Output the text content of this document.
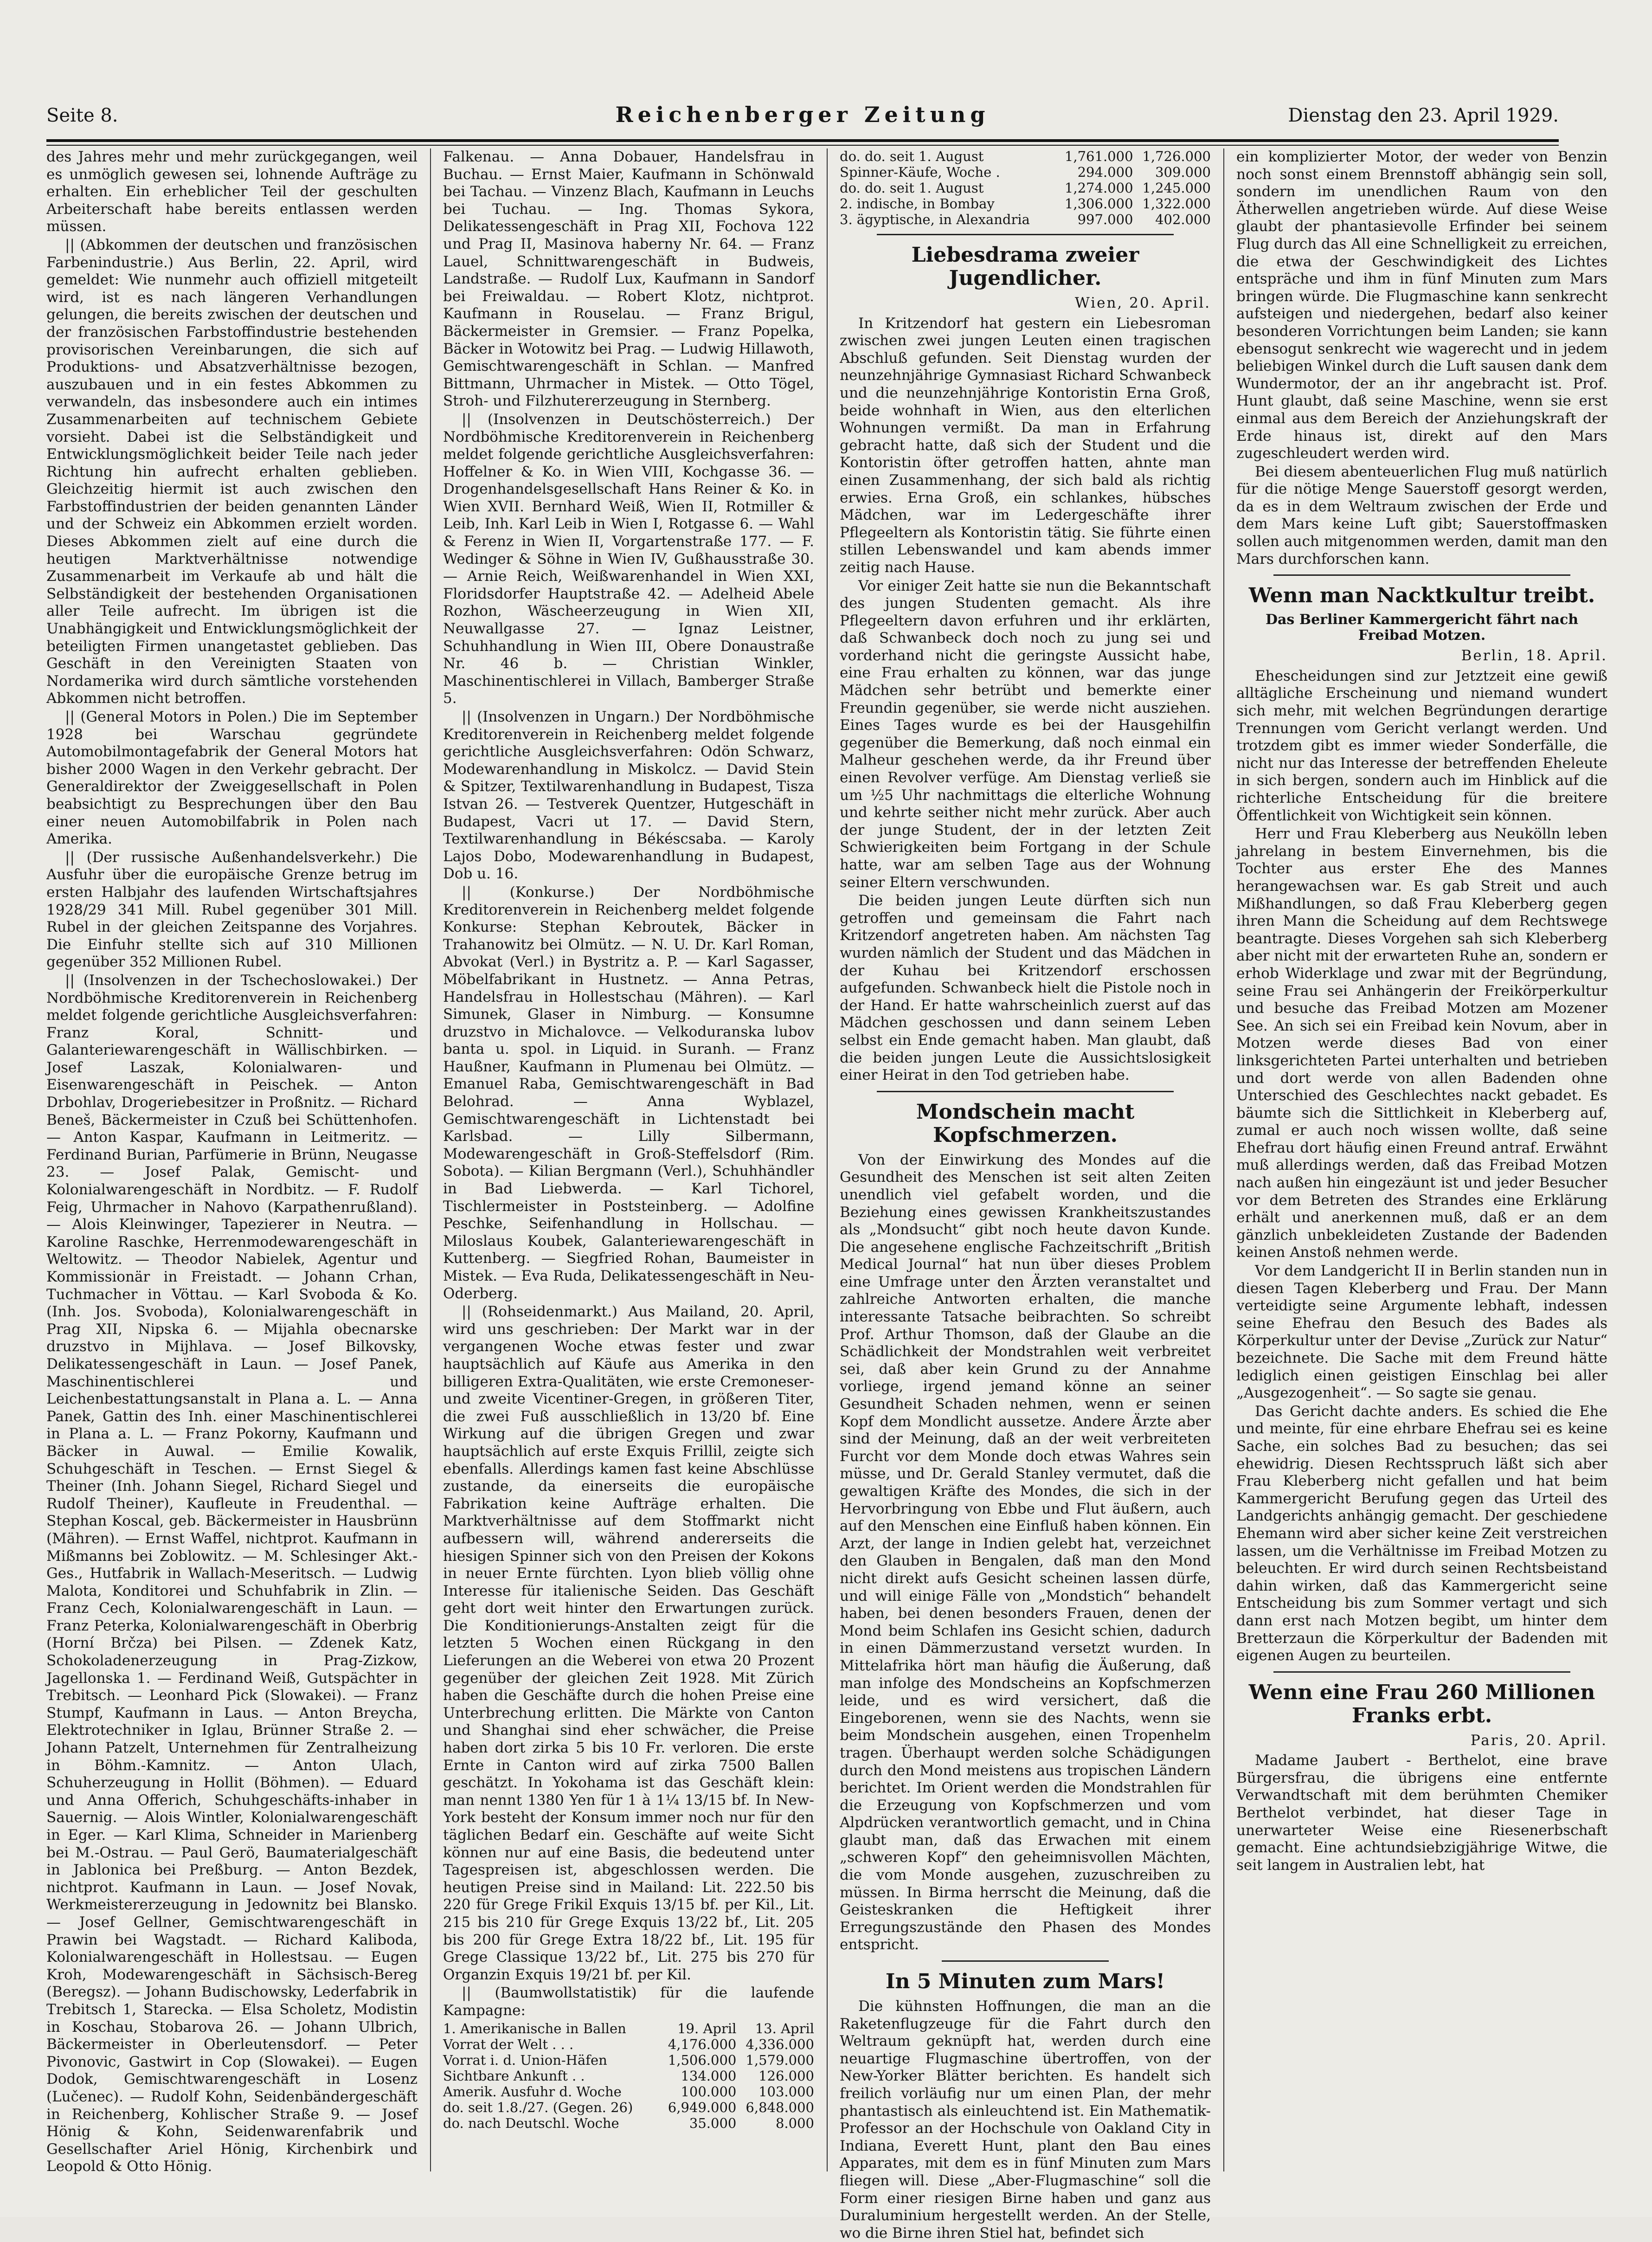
Seite 8.	Reichenberger Zeitung	Dienstag den 23. April 1929.

des Jahres mehr und mehr zurückgegangen, weil es unmöglich gewesen sei, lohnende Aufträge zu erhalten. Ein erheblicher Teil der geschulten Arbeiterschaft habe bereits entlassen werden müssen.

|| (Abkommen der deutschen und französischen Farbenindustrie.) Aus Berlin, 22. April, wird gemeldet: Wie nunmehr auch offiziell mitgeteilt wird, ist es nach längeren Verhandlungen gelungen, die bereits zwischen der deutschen und der französischen Farbstoffindustrie bestehenden provisorischen Vereinbarungen, die sich auf Produktions- und Absatzverhältnisse bezogen, auszubauen und in ein festes Abkommen zu verwandeln, das insbesondere auch ein intimes Zusammenarbeiten auf technischem Gebiete vorsieht. Dabei ist die Selbständigkeit und Entwicklungsmöglichkeit beider Teile nach jeder Richtung hin aufrecht erhalten geblieben. Gleichzeitig hiermit ist auch zwischen den Farbstoffindustrien der beiden genannten Länder und der Schweiz ein Abkommen erzielt worden. Dieses Abkommen zielt auf eine durch die heutigen Marktverhältnisse notwendige Zusammenarbeit im Verkaufe ab und hält die Selbständigkeit der bestehenden Organisationen aller Teile aufrecht. Im übrigen ist die Unabhängigkeit und Entwicklungsmöglichkeit der beteiligten Firmen unangetastet geblieben. Das Geschäft in den Vereinigten Staaten von Nordamerika wird durch sämtliche vorstehenden Abkommen nicht betroffen.

|| (General Motors in Polen.) Die im September 1928 bei Warschau gegründete Automobilmontagefabrik der General Motors hat bisher 2000 Wagen in den Verkehr gebracht. Der Generaldirektor der Zweiggesellschaft in Polen beabsichtigt zu Besprechungen über den Bau einer neuen Automobilfabrik in Polen nach Amerika.

|| (Der russische Außenhandelsverkehr.) Die Ausfuhr über die europäische Grenze betrug im ersten Halbjahr des laufenden Wirtschaftsjahres 1928/29 341 Mill. Rubel gegenüber 301 Mill. Rubel in der gleichen Zeitspanne des Vorjahres. Die Einfuhr stellte sich auf 310 Millionen gegenüber 352 Millionen Rubel.

|| (Insolvenzen in der Tschechoslowakei.) Der Nordböhmische Kreditorenverein in Reichenberg meldet folgende gerichtliche Ausgleichsverfahren: Franz Koral, Schnitt- und Galanteriewarengeschäft in Wällischbirken. — Josef Laszak, Kolonialwaren- und Eisenwarengeschäft in Peischek. — Anton Drbohlav, Drogeriebesitzer in Proßnitz. — Richard Beneš, Bäckermeister in Czuß bei Schüttenhofen. — Anton Kaspar, Kaufmann in Leitmeritz. — Ferdinand Burian, Parfümerie in Brünn, Neugasse 23. — Josef Palak, Gemischt- und Kolonialwarengeschäft in Nordbitz. — F. Rudolf Feig, Uhrmacher in Nahovo (Karpathenrußland). — Alois Kleinwinger, Tapezierer in Neutra. — Karoline Raschke, Herrenmodewarengeschäft in Weltowitz. — Theodor Nabielek, Agentur und Kommissionär in Freistadt. — Johann Crhan, Tuchmacher in Vöttau. — Karl Svoboda & Ko. (Inh. Jos. Svoboda), Kolonialwarengeschäft in Prag XII, Nipska 6. — Mijahla obecnarske druzstvo in Mijhlava. — Josef Bilkovsky, Delikatessengeschäft in Laun. — Josef Panek, Maschinentischlerei und Leichenbestattungsanstalt in Plana a. L. — Anna Panek, Gattin des Inh. einer Maschinentischlerei in Plana a. L. — Franz Pokorny, Kaufmann und Bäcker in Auwal. — Emilie Kowalik, Schuhgeschäft in Teschen. — Ernst Siegel & Theiner (Inh. Johann Siegel, Richard Siegel und Rudolf Theiner), Kaufleute in Freudenthal. — Stephan Koscal, geb. Bäckermeister in Hausbrünn (Mähren). — Ernst Waffel, nichtprot. Kaufmann in Mißmanns bei Zoblowitz. — M. Schlesinger Akt.-Ges., Hutfabrik in Wallach-Meseritsch. — Ludwig Malota, Konditorei und Schuhfabrik in Zlin. — Franz Cech, Kolonialwarengeschäft in Laun. — Franz Peterka, Kolonialwarengeschäft in Oberbrig (Horní Brčza) bei Pilsen. — Zdenek Katz, Schokoladenerzeugung in Prag-Zizkow, Jagellonska 1. — Ferdinand Weiß, Gutspächter in Trebitsch. — Leonhard Pick (Slowakei). — Franz Stumpf, Kaufmann in Laus. — Anton Breycha, Elektrotechniker in Iglau, Brünner Straße 2. — Johann Patzelt, Unternehmen für Zentralheizung in Böhm.-Kamnitz. — Anton Ulach, Schuherzeugung in Hollit (Böhmen). — Eduard und Anna Offerich, Schuhgeschäfts-inhaber in Sauernig. — Alois Wintler, Kolonialwarengeschäft in Eger. — Karl Klima, Schneider in Marienberg bei M.-Ostrau. — Paul Gerö, Baumaterialgeschäft in Jablonica bei Preßburg. — Anton Bezdek, nichtprot. Kaufmann in Laun. — Josef Novak, Werkmeistererzeugung in Jedownitz bei Blansko. — Josef Gellner, Gemischtwarengeschäft in Prawin bei Wagstadt. — Richard Kaliboda, Kolonialwarengeschäft in Hollestsau. — Eugen Kroh, Modewarengeschäft in Sächsisch-Bereg (Beregsz). — Johann Budischowsky, Lederfabrik in Trebitsch 1, Starecka. — Elsa Scholetz, Modistin in Koschau, Stobarova 26. — Johann Ulbrich, Bäckermeister in Oberleutensdorf. — Peter Pivonovic, Gastwirt in Cop (Slowakei). — Eugen Dodok, Gemischtwarengeschäft in Losenz (Lučenec). — Rudolf Kohn, Seidenbändergeschäft in Reichenberg, Kohlischer Straße 9. — Josef Hönig & Kohn, Seidenwarenfabrik und Gesellschafter Ariel Hönig, Kirchenbirk und Leopold & Otto Hönig.

Falkenau. — Anna Dobauer, Handelsfrau in Buchau. — Ernst Maier, Kaufmann in Schönwald bei Tachau. — Vinzenz Blach, Kaufmann in Leuchs bei Tuchau. — Ing. Thomas Sykora, Delikatessengeschäft in Prag XII, Fochova 122 und Prag II, Masinova haberny Nr. 64. — Franz Lauel, Schnittwarengeschäft in Budweis, Landstraße. — Rudolf Lux, Kaufmann in Sandorf bei Freiwaldau. — Robert Klotz, nichtprot. Kaufmann in Rouselau. — Franz Brigul, Bäckermeister in Gremsier. — Franz Popelka, Bäcker in Wotowitz bei Prag. — Ludwig Hillawoth, Gemischtwarengeschäft in Schlan. — Manfred Bittmann, Uhrmacher in Mistek. — Otto Tögel, Stroh- und Filzhutererzeugung in Sternberg.

|| (Insolvenzen in Deutschösterreich.) Der Nordböhmische Kreditorenverein in Reichenberg meldet folgende gerichtliche Ausgleichsverfahren: Hoffelner & Ko. in Wien VIII, Kochgasse 36. — Drogenhandelsgesellschaft Hans Reiner & Ko. in Wien XVII. Bernhard Weiß, Wien II, Rotmiller & Leib, Inh. Karl Leib in Wien I, Rotgasse 6. — Wahl & Ferenz in Wien II, Vorgartenstraße 177. — F. Wedinger & Söhne in Wien IV, Gußhausstraße 30. — Arnie Reich, Weißwarenhandel in Wien XXI, Floridsdorfer Hauptstraße 42. — Adelheid Abele Rozhon, Wäscheerzeugung in Wien XII, Neuwallgasse 27. — Ignaz Leistner, Schuhhandlung in Wien III, Obere Donaustraße Nr. 46 b. — Christian Winkler, Maschinentischlerei in Villach, Bamberger Straße 5.

|| (Insolvenzen in Ungarn.) Der Nordböhmische Kreditorenverein in Reichenberg meldet folgende gerichtliche Ausgleichsverfahren: Odön Schwarz, Modewarenhandlung in Miskolcz. — David Stein & Spitzer, Textilwarenhandlung in Budapest, Tisza Istvan 26. — Testverek Quentzer, Hutgeschäft in Budapest, Vacri ut 17. — David Stern, Textilwarenhandlung in Békéscsaba. — Karoly Lajos Dobo, Modewarenhandlung in Budapest, Dob u. 16.

|| (Konkurse.) Der Nordböhmische Kreditorenverein in Reichenberg meldet folgende Konkurse: Stephan Kebroutek, Bäcker in Trahanowitz bei Olmütz. — N. U. Dr. Karl Roman, Abvokat (Verl.) in Bystritz a. P. — Karl Sagasser, Möbelfabrikant in Hustnetz. — Anna Petras, Handelsfrau in Hollestschau (Mähren). — Karl Simunek, Glaser in Nimburg. — Konsumne druzstvo in Michalovce. — Velkoduranska lubov banta u. spol. in Liquid. in Suranh. — Franz Haußner, Kaufmann in Plumenau bei Olmütz. — Emanuel Raba, Gemischtwarengeschäft in Bad Belohrad. — Anna Wyblazel, Gemischtwarengeschäft in Lichtenstadt bei Karlsbad. — Lilly Silbermann, Modewarengeschäft in Groß-Steffelsdorf (Rim. Sobota). — Kilian Bergmann (Verl.), Schuhhändler in Bad Liebwerda. — Karl Tichorel, Tischlermeister in Poststeinberg. — Adolfine Peschke, Seifenhandlung in Hollschau. — Miloslaus Koubek, Galanteriewarengeschäft in Kuttenberg. — Siegfried Rohan, Baumeister in Mistek. — Eva Ruda, Delikatessengeschäft in Neu-Oderberg.

|| (Rohseidenmarkt.) Aus Mailand, 20. April, wird uns geschrieben: Der Markt war in der vergangenen Woche etwas fester und zwar hauptsächlich auf Käufe aus Amerika in den billigeren Extra-Qualitäten, wie erste Cremoneser- und zweite Vicentiner-Gregen, in größeren Titer, die zwei Fuß ausschließlich in 13/20 bf. Eine Wirkung auf die übrigen Gregen und zwar hauptsächlich auf erste Exquis Frillil, zeigte sich ebenfalls. Allerdings kamen fast keine Abschlüsse zustande, da einerseits die europäische Fabrikation keine Aufträge erhalten. Die Marktverhältnisse auf dem Stoffmarkt nicht aufbessern will, während andererseits die hiesigen Spinner sich von den Preisen der Kokons in neuer Ernte fürchten. Lyon blieb völlig ohne Interesse für italienische Seiden. Das Geschäft geht dort weit hinter den Erwartungen zurück. Die Konditionierungs-Anstalten zeigt für die letzten 5 Wochen einen Rückgang in den Lieferungen an die Weberei von etwa 20 Prozent gegenüber der gleichen Zeit 1928. Mit Zürich haben die Geschäfte durch die hohen Preise eine Unterbrechung erlitten. Die Märkte von Canton und Shanghai sind eher schwächer, die Preise haben dort zirka 5 bis 10 Fr. verloren. Die erste Ernte in Canton wird auf zirka 7500 Ballen geschätzt. In Yokohama ist das Geschäft klein: man nennt 1380 Yen für 1 à 1¼ 13/15 bf. In New-York besteht der Konsum immer noch nur für den täglichen Bedarf ein. Geschäfte auf weite Sicht können nur auf eine Basis, die bedeutend unter Tagespreisen ist, abgeschlossen werden. Die heutigen Preise sind in Mailand: Lit. 222.50 bis 220 für Grege Frikil Exquis 13/15 bf. per Kil., Lit. 215 bis 210 für Grege Exquis 13/22 bf., Lit. 205 bis 200 für Grege Extra 18/22 bf., Lit. 195 für Grege Classique 13/22 bf., Lit. 275 bis 270 für Organzin Exquis 19/21 bf. per Kil.

|| (Baumwollstatistik) für die laufende Kampagne:

1. Amerikanische in Ballen	19. April	13. April
Vorrat der Welt . . .	4,176.000	4,336.000
Vorrat i. d. Union-Häfen	1,506.000	1,579.000
Sichtbare Ankunft . .	134.000	126.000
Amerik. Ausfuhr d. Woche	100.000	103.000
do. seit 1.8./27. (Gegen. 26)	6,949.000	6,848.000
do. nach Deutschl. Woche	35.000	8.000
do. do. seit 1. August	1,761.000	1,726.000
Spinner-Käufe, Woche .	294.000	309.000
do. do. seit 1. August	1,274.000	1,245.000
2. indische, in Bombay	1,306.000	1,322.000
3. ägyptische, in Alexandria	997.000	402.000
Liebesdrama zweier Jugendlicher.
Wien, 20. April.

In Kritzendorf hat gestern ein Liebesroman zwischen zwei jungen Leuten einen tragischen Abschluß gefunden. Seit Dienstag wurden der neunzehnjährige Gymnasiast Richard Schwanbeck und die neunzehnjährige Kontoristin Erna Groß, beide wohnhaft in Wien, aus den elterlichen Wohnungen vermißt. Da man in Erfahrung gebracht hatte, daß sich der Student und die Kontoristin öfter getroffen hatten, ahnte man einen Zusammenhang, der sich bald als richtig erwies. Erna Groß, ein schlankes, hübsches Mädchen, war im Ledergeschäfte ihrer Pflegeeltern als Kontoristin tätig. Sie führte einen stillen Lebenswandel und kam abends immer zeitig nach Hause.

Vor einiger Zeit hatte sie nun die Bekanntschaft des jungen Studenten gemacht. Als ihre Pflegeeltern davon erfuhren und ihr erklärten, daß Schwanbeck doch noch zu jung sei und vorderhand nicht die geringste Aussicht habe, eine Frau erhalten zu können, war das junge Mädchen sehr betrübt und bemerkte einer Freundin gegenüber, sie werde nicht ausziehen. Eines Tages wurde es bei der Hausgehilfin gegenüber die Bemerkung, daß noch einmal ein Malheur geschehen werde, da ihr Freund über einen Revolver verfüge. Am Dienstag verließ sie um ½5 Uhr nachmittags die elterliche Wohnung und kehrte seither nicht mehr zurück. Aber auch der junge Student, der in der letzten Zeit Schwierigkeiten beim Fortgang in der Schule hatte, war am selben Tage aus der Wohnung seiner Eltern verschwunden.

Die beiden jungen Leute dürften sich nun getroffen und gemeinsam die Fahrt nach Kritzendorf angetreten haben. Am nächsten Tag wurden nämlich der Student und das Mädchen in der Kuhau bei Kritzendorf erschossen aufgefunden. Schwanbeck hielt die Pistole noch in der Hand. Er hatte wahrscheinlich zuerst auf das Mädchen geschossen und dann seinem Leben selbst ein Ende gemacht haben. Man glaubt, daß die beiden jungen Leute die Aussichtslosigkeit einer Heirat in den Tod getrieben habe.

Mondschein macht Kopfschmerzen.

Von der Einwirkung des Mondes auf die Gesundheit des Menschen ist seit alten Zeiten unendlich viel gefabelt worden, und die Beziehung eines gewissen Krankheitszustandes als „Mondsucht“ gibt noch heute davon Kunde. Die angesehene englische Fachzeitschrift „British Medical Journal“ hat nun über dieses Problem eine Umfrage unter den Ärzten veranstaltet und zahlreiche Antworten erhalten, die manche interessante Tatsache beibrachten. So schreibt Prof. Arthur Thomson, daß der Glaube an die Schädlichkeit der Mondstrahlen weit verbreitet sei, daß aber kein Grund zu der Annahme vorliege, irgend jemand könne an seiner Gesundheit Schaden nehmen, wenn er seinen Kopf dem Mondlicht aussetze. Andere Ärzte aber sind der Meinung, daß an der weit verbreiteten Furcht vor dem Monde doch etwas Wahres sein müsse, und Dr. Gerald Stanley vermutet, daß die gewaltigen Kräfte des Mondes, die sich in der Hervorbringung von Ebbe und Flut äußern, auch auf den Menschen eine Einfluß haben können. Ein Arzt, der lange in Indien gelebt hat, verzeichnet den Glauben in Bengalen, daß man den Mond nicht direkt aufs Gesicht scheinen lassen dürfe, und will einige Fälle von „Mondstich“ behandelt haben, bei denen besonders Frauen, denen der Mond beim Schlafen ins Gesicht schien, dadurch in einen Dämmerzustand versetzt wurden. In Mittelafrika hört man häufig die Äußerung, daß man infolge des Mondscheins an Kopfschmerzen leide, und es wird versichert, daß die Eingeborenen, wenn sie des Nachts, wenn sie beim Mondschein ausgehen, einen Tropenhelm tragen. Überhaupt werden solche Schädigungen durch den Mond meistens aus tropischen Ländern berichtet. Im Orient werden die Mondstrahlen für die Erzeugung von Kopfschmerzen und vom Alpdrücken verantwortlich gemacht, und in China glaubt man, daß das Erwachen mit einem „schweren Kopf“ den geheimnisvollen Mächten, die vom Monde ausgehen, zuzuschreiben zu müssen. In Birma herrscht die Meinung, daß die Geisteskranken die Heftigkeit ihrer Erregungszustände den Phasen des Mondes entspricht.

In 5 Minuten zum Mars!

Die kühnsten Hoffnungen, die man an die Raketenflugzeuge für die Fahrt durch den Weltraum geknüpft hat, werden durch eine neuartige Flugmaschine übertroffen, von der New-Yorker Blätter berichten. Es handelt sich freilich vorläufig nur um einen Plan, der mehr phantastisch als einleuchtend ist. Ein Mathematik-Professor an der Hochschule von Oakland City in Indiana, Everett Hunt, plant den Bau eines Apparates, mit dem es in fünf Minuten zum Mars fliegen will. Diese „Aber-Flugmaschine“ soll die Form einer riesigen Birne haben und ganz aus Duraluminium hergestellt werden. An der Stelle, wo die Birne ihren Stiel hat, befindet sich

ein komplizierter Motor, der weder von Benzin noch sonst einem Brennstoff abhängig sein soll, sondern im unendlichen Raum von den Ätherwellen angetrieben würde. Auf diese Weise glaubt der phantasievolle Erfinder bei seinem Flug durch das All eine Schnelligkeit zu erreichen, die etwa der Geschwindigkeit des Lichtes entspräche und ihm in fünf Minuten zum Mars bringen würde. Die Flugmaschine kann senkrecht aufsteigen und niedergehen, bedarf also keiner besonderen Vorrichtungen beim Landen; sie kann ebensogut senkrecht wie wagerecht und in jedem beliebigen Winkel durch die Luft sausen dank dem Wundermotor, der an ihr angebracht ist. Prof. Hunt glaubt, daß seine Maschine, wenn sie erst einmal aus dem Bereich der Anziehungskraft der Erde hinaus ist, direkt auf den Mars zugeschleudert werden wird.

Bei diesem abenteuerlichen Flug muß natürlich für die nötige Menge Sauerstoff gesorgt werden, da es in dem Weltraum zwischen der Erde und dem Mars keine Luft gibt; Sauerstoffmasken sollen auch mitgenommen werden, damit man den Mars durchforschen kann.

Wenn man Nacktkultur treibt.
Das Berliner Kammergericht fährt nach Freibad Motzen.
Berlin, 18. April.

Ehescheidungen sind zur Jetztzeit eine gewiß alltägliche Erscheinung und niemand wundert sich mehr, mit welchen Begründungen derartige Trennungen vom Gericht verlangt werden. Und trotzdem gibt es immer wieder Sonderfälle, die nicht nur das Interesse der betreffenden Eheleute in sich bergen, sondern auch im Hinblick auf die richterliche Entscheidung für die breitere Öffentlichkeit von Wichtigkeit sein können.

Herr und Frau Kleberberg aus Neukölln leben jahrelang in bestem Einvernehmen, bis die Tochter aus erster Ehe des Mannes herangewachsen war. Es gab Streit und auch Mißhandlungen, so daß Frau Kleberberg gegen ihren Mann die Scheidung auf dem Rechtswege beantragte. Dieses Vorgehen sah sich Kleberberg aber nicht mit der erwarteten Ruhe an, sondern er erhob Widerklage und zwar mit der Begründung, seine Frau sei Anhängerin der Freikörperkultur und besuche das Freibad Motzen am Mozener See. An sich sei ein Freibad kein Novum, aber in Motzen werde dieses Bad von einer linksgerichteten Partei unterhalten und betrieben und dort werde von allen Badenden ohne Unterschied des Geschlechtes nackt gebadet. Es bäumte sich die Sittlichkeit in Kleberberg auf, zumal er auch noch wissen wollte, daß seine Ehefrau dort häufig einen Freund antraf. Erwähnt muß allerdings werden, daß das Freibad Motzen nach außen hin eingezäunt ist und jeder Besucher vor dem Betreten des Strandes eine Erklärung erhält und anerkennen muß, daß er an dem gänzlich unbekleideten Zustande der Badenden keinen Anstoß nehmen werde.

Vor dem Landgericht II in Berlin standen nun in diesen Tagen Kleberberg und Frau. Der Mann verteidigte seine Argumente lebhaft, indessen seine Ehefrau den Besuch des Bades als Körperkultur unter der Devise „Zurück zur Natur“ bezeichnete. Die Sache mit dem Freund hätte lediglich einen geistigen Einschlag bei aller „Ausgezogenheit“. — So sagte sie genau.

Das Gericht dachte anders. Es schied die Ehe und meinte, für eine ehrbare Ehefrau sei es keine Sache, ein solches Bad zu besuchen; das sei ehewidrig. Diesen Rechtsspruch läßt sich aber Frau Kleberberg nicht gefallen und hat beim Kammergericht Berufung gegen das Urteil des Landgerichts anhängig gemacht. Der geschiedene Ehemann wird aber sicher keine Zeit verstreichen lassen, um die Verhältnisse im Freibad Motzen zu beleuchten. Er wird durch seinen Rechtsbeistand dahin wirken, daß das Kammergericht seine Entscheidung bis zum Sommer vertagt und sich dann erst nach Motzen begibt, um hinter dem Bretterzaun die Körperkultur der Badenden mit eigenen Augen zu beurteilen.

Wenn eine Frau 260 Millionen Franks erbt.
Paris, 20. April.

Madame Jaubert - Berthelot, eine brave Bürgersfrau, die übrigens eine entfernte Verwandtschaft mit dem berühmten Chemiker Berthelot verbindet, hat dieser Tage in unerwarteter Weise eine Riesenerbschaft gemacht. Eine achtundsiebzigjährige Witwe, die seit langem in Australien lebt, hat
